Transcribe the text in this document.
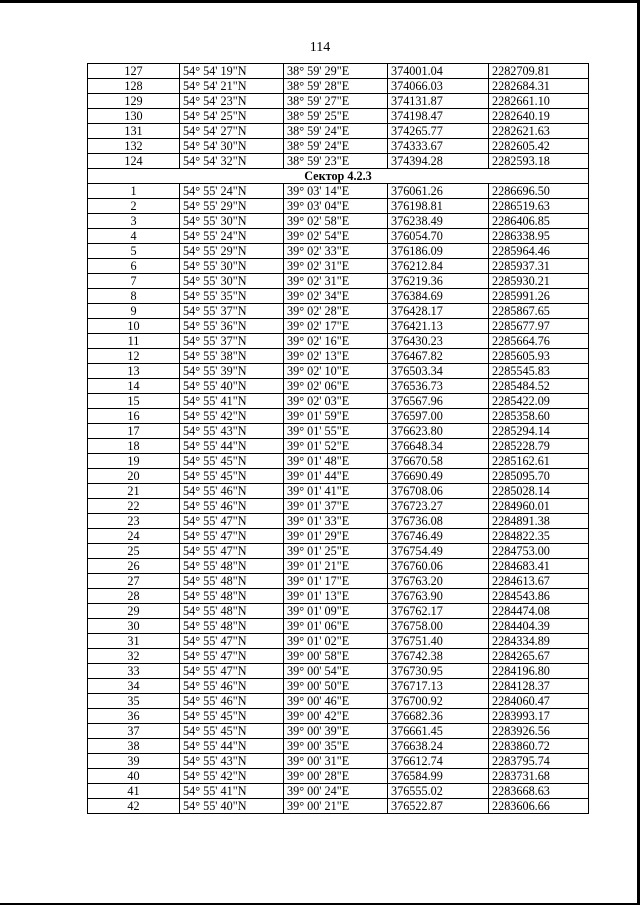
114
127	54° 54' 19"N	38° 59' 29"E	374001.04	2282709.81
128	54° 54' 21"N	38° 59' 28"E	374066.03	2282684.31
129	54° 54' 23"N	38° 59' 27"E	374131.87	2282661.10
130	54° 54' 25"N	38° 59' 25"E	374198.47	2282640.19
131	54° 54' 27"N	38° 59' 24"E	374265.77	2282621.63
132	54° 54' 30"N	38° 59' 24"E	374333.67	2282605.42
124	54° 54' 32"N	38° 59' 23"E	374394.28	2282593.18
Сектор 4.2.3				
1	54° 55' 24"N	39° 03' 14"E	376061.26	2286696.50
2	54° 55' 29"N	39° 03' 04"E	376198.81	2286519.63
3	54° 55' 30"N	39° 02' 58"E	376238.49	2286406.85
4	54° 55' 24"N	39° 02' 54"E	376054.70	2286338.95
5	54° 55' 29"N	39° 02' 33"E	376186.09	2285964.46
6	54° 55' 30"N	39° 02' 31"E	376212.84	2285937.31
7	54° 55' 30"N	39° 02' 31"E	376219.36	2285930.21
8	54° 55' 35"N	39° 02' 34"E	376384.69	2285991.26
9	54° 55' 37"N	39° 02' 28"E	376428.17	2285867.65
10	54° 55' 36"N	39° 02' 17"E	376421.13	2285677.97
11	54° 55' 37"N	39° 02' 16"E	376430.23	2285664.76
12	54° 55' 38"N	39° 02' 13"E	376467.82	2285605.93
13	54° 55' 39"N	39° 02' 10"E	376503.34	2285545.83
14	54° 55' 40"N	39° 02' 06"E	376536.73	2285484.52
15	54° 55' 41"N	39° 02' 03"E	376567.96	2285422.09
16	54° 55' 42"N	39° 01' 59"E	376597.00	2285358.60
17	54° 55' 43"N	39° 01' 55"E	376623.80	2285294.14
18	54° 55' 44"N	39° 01' 52"E	376648.34	2285228.79
19	54° 55' 45"N	39° 01' 48"E	376670.58	2285162.61
20	54° 55' 45"N	39° 01' 44"E	376690.49	2285095.70
21	54° 55' 46"N	39° 01' 41"E	376708.06	2285028.14
22	54° 55' 46"N	39° 01' 37"E	376723.27	2284960.01
23	54° 55' 47"N	39° 01' 33"E	376736.08	2284891.38
24	54° 55' 47"N	39° 01' 29"E	376746.49	2284822.35
25	54° 55' 47"N	39° 01' 25"E	376754.49	2284753.00
26	54° 55' 48"N	39° 01' 21"E	376760.06	2284683.41
27	54° 55' 48"N	39° 01' 17"E	376763.20	2284613.67
28	54° 55' 48"N	39° 01' 13"E	376763.90	2284543.86
29	54° 55' 48"N	39° 01' 09"E	376762.17	2284474.08
30	54° 55' 48"N	39° 01' 06"E	376758.00	2284404.39
31	54° 55' 47"N	39° 01' 02"E	376751.40	2284334.89
32	54° 55' 47"N	39° 00' 58"E	376742.38	2284265.67
33	54° 55' 47"N	39° 00' 54"E	376730.95	2284196.80
34	54° 55' 46"N	39° 00' 50"E	376717.13	2284128.37
35	54° 55' 46"N	39° 00' 46"E	376700.92	2284060.47
36	54° 55' 45"N	39° 00' 42"E	376682.36	2283993.17
37	54° 55' 45"N	39° 00' 39"E	376661.45	2283926.56
38	54° 55' 44"N	39° 00' 35"E	376638.24	2283860.72
39	54° 55' 43"N	39° 00' 31"E	376612.74	2283795.74
40	54° 55' 42"N	39° 00' 28"E	376584.99	2283731.68
41	54° 55' 41"N	39° 00' 24"E	376555.02	2283668.63
42	54° 55' 40"N	39° 00' 21"E	376522.87	2283606.66
